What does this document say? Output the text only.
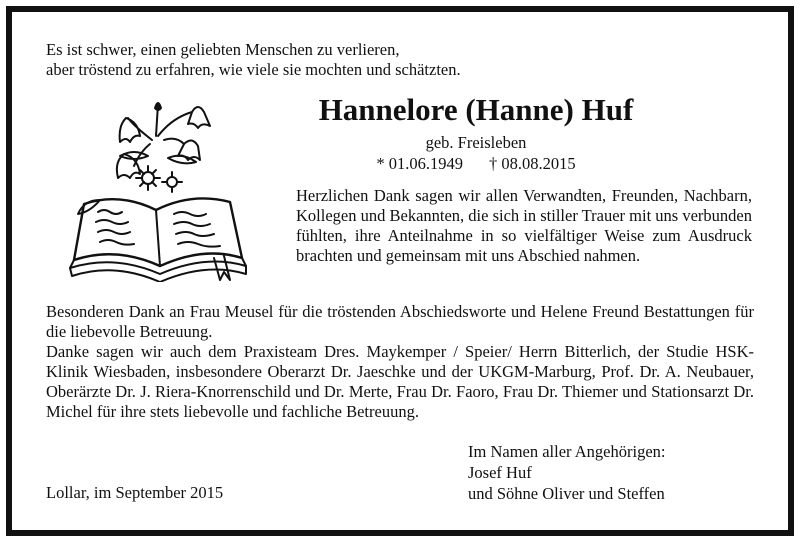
Es ist schwer, einen geliebten Menschen zu verlieren,
aber tröstend zu erfahren, wie viele sie mochten und schätzten.
Hannelore (Hanne) Huf
geb. Freisleben
* 01.06.1949 † 08.08.2015
Herzlichen Dank sagen wir allen Verwandten, Freunden, Nachbarn, Kollegen und Bekannten, die sich in stiller Trauer mit uns verbunden fühlten, ihre Anteilnahme in so vielfältiger Weise zum Ausdruck brachten und gemeinsam mit uns Abschied nahmen.

Besonderen Dank an Frau Meusel für die tröstenden Abschiedsworte und Helene Freund Bestattungen für die liebevolle Betreuung.

Danke sagen wir auch dem Praxisteam Dres. Maykemper / Speier/ Herrn Bitterlich, der Studie HSK-Klinik Wiesbaden, insbesondere Oberarzt Dr. Jaeschke und der UKGM-Marburg, Prof. Dr. A. Neubauer, Oberärzte Dr. J. Riera-Knorrenschild und Dr. Merte, Frau Dr. Faoro, Frau Dr. Thiemer und Stationsarzt Dr. Michel für ihre stets liebevolle und fachliche Betreuung.

Im Namen aller Angehörigen:
Josef Huf
und Söhne Oliver und Steffen
Lollar, im September 2015
